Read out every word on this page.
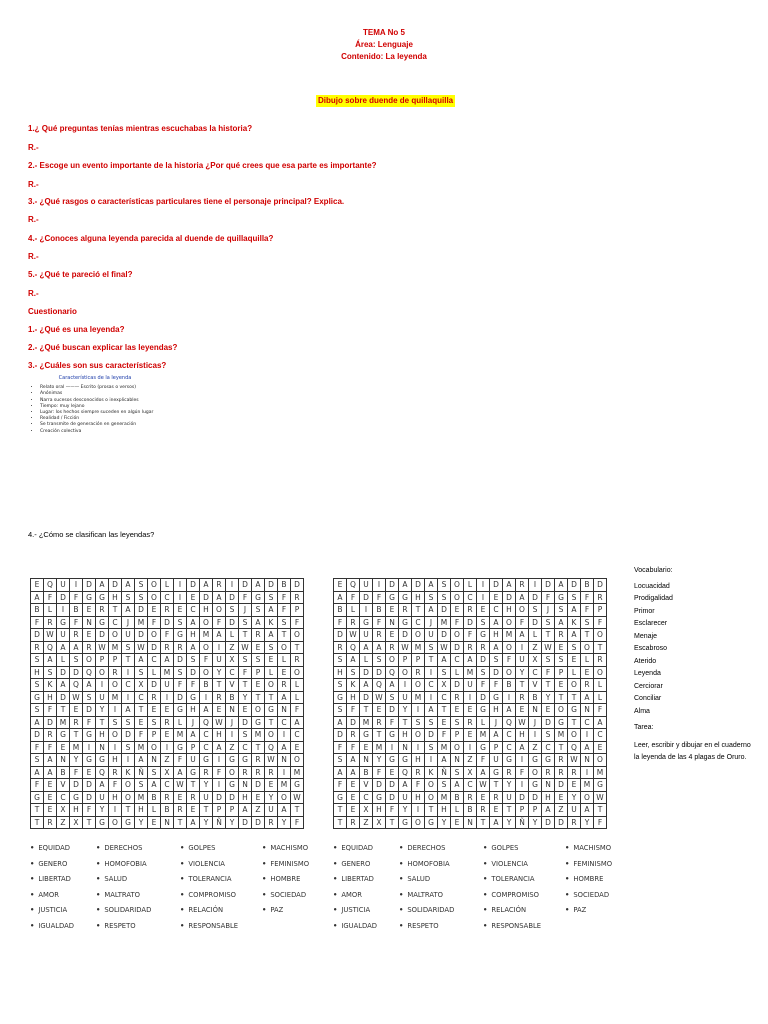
TEMA No 5
Área: Lenguaje
Contenido: La leyenda
Dibujo sobre duende de quillaquilla
1.¿ Qué preguntas tenías mientras escuchabas la historia?
R.-
2.- Escoge un evento importante de la historia ¿Por qué crees que esa parte es importante?
R.-
3.- ¿Qué rasgos o características particulares tiene el personaje principal? Explica.
R.-
4.- ¿Conoces alguna leyenda parecida al duende de quillaquilla?
R.-
5.- ¿Qué te pareció el final?
R.-
Cuestionario
1.- ¿Qué es una leyenda?
2.- ¿Qué buscan explicar las leyendas?
3.- ¿Cuáles son sus características?
Características de la leyenda
• Relato oral ——— Escrito (prosas o versos)
• Anónimas
• Narra sucesos desconocidos o inexplicables
• Tiempo: muy lejano
• Lugar: los hechos siempre suceden en algún lugar
• Realidad / Ficción
• Se transmite de generación en generación
• Creación colectiva
4.- ¿Cómo se clasifican las leyendas?
E	Q	U	I	D	A	D	A	S	O	L	I	D	A	R	I	D	A	D	B	D
A	F	D	F	G	G	H	S	S	O	C	I	E	D	A	D	F	G	S	F	R
B	L	I	B	E	R	T	A	D	E	R	E	C	H	O	S	J	S	A	F	P
F	R	G	F	N	G	C	J	M	F	D	S	A	O	F	D	S	A	K	S	F
D	W	U	R	E	D	O	U	D	O	F	G	H	M	A	L	T	R	A	T	O
R	Q	A	A	R	W	M	S	W	D	R	R	A	O	I	Z	W	E	S	O	T
S	A	L	S	O	P	P	T	A	C	A	D	S	F	U	X	S	S	E	L	R
H	S	D	D	Q	O	R	I	S	L	M	S	D	O	Y	C	F	P	L	E	O
S	K	A	Q	A	I	O	C	X	D	U	F	F	B	T	V	T	E	O	R	L
G	H	D	W	S	U	M	I	C	R	I	D	G	I	R	B	Y	T	T	A	L
S	F	T	E	D	Y	I	A	T	E	E	G	H	A	E	N	E	O	G	N	F
A	D	M	R	F	T	S	S	E	S	R	L	J	Q	W	J	D	G	T	C	A
D	R	G	T	G	H	O	D	F	P	E	M	A	C	H	I	S	M	O	I	C
F	F	E	M	I	N	I	S	M	O	I	G	P	C	A	Z	C	T	Q	A	E
S	A	N	Y	G	G	H	I	A	N	Z	F	U	G	I	G	G	R	W	N	O
A	A	B	F	E	Q	R	K	Ñ	S	X	A	G	R	F	O	R	R	R	I	M
F	E	V	D	D	A	F	O	S	A	C	W	T	Y	I	G	N	D	E	M	G
G	E	C	G	D	U	H	O	M	B	R	E	R	U	D	D	H	E	Y	O	W
T	E	X	H	F	Y	I	T	H	L	B	R	E	T	P	P	A	Z	U	A	T
T	R	Z	X	T	G	O	G	Y	E	N	T	A	Y	Ñ	Y	D	D	R	Y	F
E	Q	U	I	D	A	D	A	S	O	L	I	D	A	R	I	D	A	D	B	D
A	F	D	F	G	G	H	S	S	O	C	I	E	D	A	D	F	G	S	F	R
B	L	I	B	E	R	T	A	D	E	R	E	C	H	O	S	J	S	A	F	P
F	R	G	F	N	G	C	J	M	F	D	S	A	O	F	D	S	A	K	S	F
D	W	U	R	E	D	O	U	D	O	F	G	H	M	A	L	T	R	A	T	O
R	Q	A	A	R	W	M	S	W	D	R	R	A	O	I	Z	W	E	S	O	T
S	A	L	S	O	P	P	T	A	C	A	D	S	F	U	X	S	S	E	L	R
H	S	D	D	Q	O	R	I	S	L	M	S	D	O	Y	C	F	P	L	E	O
S	K	A	Q	A	I	O	C	X	D	U	F	F	B	T	V	T	E	O	R	L
G	H	D	W	S	U	M	I	C	R	I	D	G	I	R	B	Y	T	T	A	L
S	F	T	E	D	Y	I	A	T	E	E	G	H	A	E	N	E	O	G	N	F
A	D	M	R	F	T	S	S	E	S	R	L	J	Q	W	J	D	G	T	C	A
D	R	G	T	G	H	O	D	F	P	E	M	A	C	H	I	S	M	O	I	C
F	F	E	M	I	N	I	S	M	O	I	G	P	C	A	Z	C	T	Q	A	E
S	A	N	Y	G	G	H	I	A	N	Z	F	U	G	I	G	G	R	W	N	O
A	A	B	F	E	Q	R	K	Ñ	S	X	A	G	R	F	O	R	R	R	I	M
F	E	V	D	D	A	F	O	S	A	C	W	T	Y	I	G	N	D	E	M	G
G	E	C	G	D	U	H	O	M	B	R	E	R	U	D	D	H	E	Y	O	W
T	E	X	H	F	Y	I	T	H	L	B	R	E	T	P	P	A	Z	U	A	T
T	R	Z	X	T	G	O	G	Y	E	N	T	A	Y	Ñ	Y	D	D	R	Y	F
• EQUIDAD
• GENERO
• LIBERTAD
• AMOR
• JUSTICIA
• IGUALDAD
• DERECHOS
• HOMOFOBIA
• SALUD
• MALTRATO
• SOLIDARIDAD
• RESPETO
• GOLPES
• VIOLENCIA
• TOLERANCIA
• COMPROMISO
• RELACIÓN
• RESPONSABLE
• MACHISMO
• FEMINISMO
• HOMBRE
• SOCIEDAD
• PAZ
• EQUIDAD
• GENERO
• LIBERTAD
• AMOR
• JUSTICIA
• IGUALDAD
• DERECHOS
• HOMOFOBIA
• SALUD
• MALTRATO
• SOLIDARIDAD
• RESPETO
• GOLPES
• VIOLENCIA
• TOLERANCIA
• COMPROMISO
• RELACIÓN
• RESPONSABLE
• MACHISMO
• FEMINISMO
• HOMBRE
• SOCIEDAD
• PAZ
Vocabulario:
Locuacidad
Prodigalidad
Primor
Esclarecer
Menaje
Escabroso
Aterido
Leyenda
Cerciorar
Conciliar
Alma
Tarea:
Leer, escribir y dibujar en el cuaderno la leyenda de las 4 plagas de Oruro.
